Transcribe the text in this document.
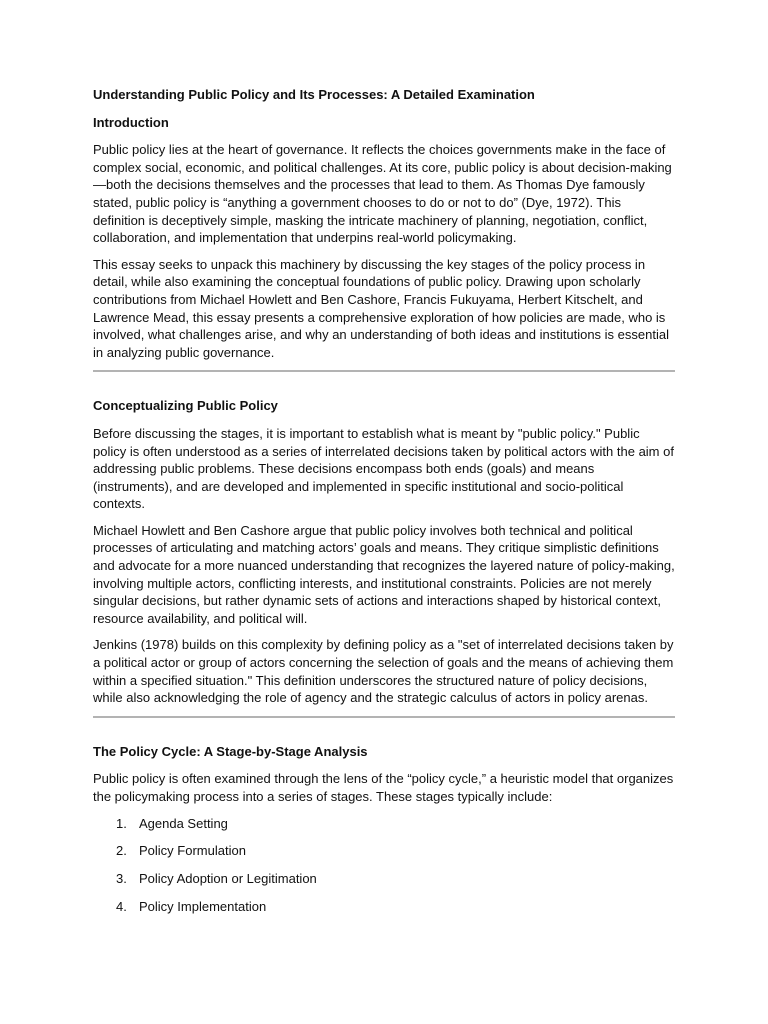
Understanding Public Policy and Its Processes: A Detailed Examination

Introduction

Public policy lies at the heart of governance. It reflects the choices governments make in the face of complex social, economic, and political challenges. At its core, public policy is about decision-making—both the decisions themselves and the processes that lead to them. As Thomas Dye famously stated, public policy is “anything a government chooses to do or not to do” (Dye, 1972). This definition is deceptively simple, masking the intricate machinery of planning, negotiation, conflict, collaboration, and implementation that underpins real-world policymaking.

This essay seeks to unpack this machinery by discussing the key stages of the policy process in detail, while also examining the conceptual foundations of public policy. Drawing upon scholarly contributions from Michael Howlett and Ben Cashore, Francis Fukuyama, Herbert Kitschelt, and Lawrence Mead, this essay presents a comprehensive exploration of how policies are made, who is involved, what challenges arise, and why an understanding of both ideas and institutions is essential in analyzing public governance.

Conceptualizing Public Policy

Before discussing the stages, it is important to establish what is meant by "public policy." Public policy is often understood as a series of interrelated decisions taken by political actors with the aim of addressing public problems. These decisions encompass both ends (goals) and means (instruments), and are developed and implemented in specific institutional and socio-political contexts.

Michael Howlett and Ben Cashore argue that public policy involves both technical and political processes of articulating and matching actors’ goals and means. They critique simplistic definitions and advocate for a more nuanced understanding that recognizes the layered nature of policy-making, involving multiple actors, conflicting interests, and institutional constraints. Policies are not merely singular decisions, but rather dynamic sets of actions and interactions shaped by historical context, resource availability, and political will.

Jenkins (1978) builds on this complexity by defining policy as a "set of interrelated decisions taken by a political actor or group of actors concerning the selection of goals and the means of achieving them within a specified situation." This definition underscores the structured nature of policy decisions, while also acknowledging the role of agency and the strategic calculus of actors in policy arenas.

The Policy Cycle: A Stage-by-Stage Analysis

Public policy is often examined through the lens of the “policy cycle,” a heuristic model that organizes the policymaking process into a series of stages. These stages typically include:

1. Agenda Setting
2. Policy Formulation
3. Policy Adoption or Legitimation
4. Policy Implementation
